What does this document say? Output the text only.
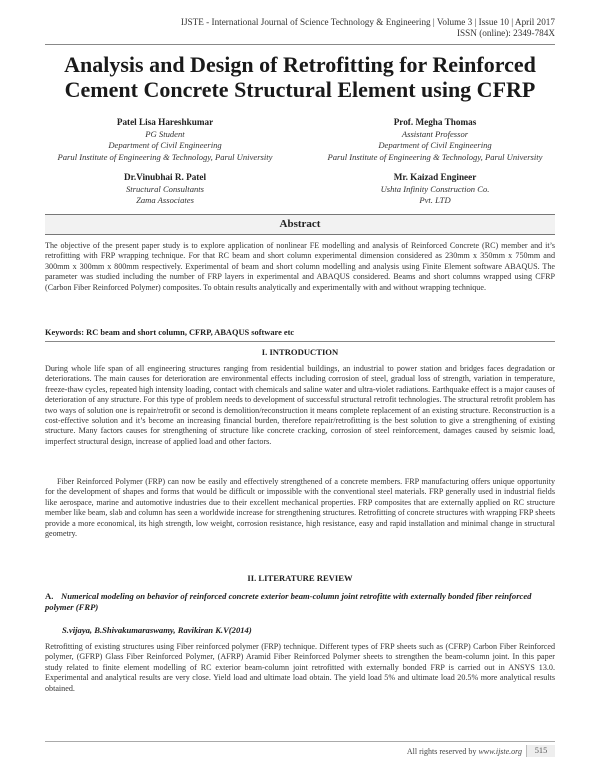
IJSTE - International Journal of Science Technology & Engineering | Volume 3 | Issue 10 | April 2017
ISSN (online): 2349-784X
Analysis and Design of Retrofitting for Reinforced
Cement Concrete Structural Element using CFRP
Patel Lisa Hareshkumar
PG Student
Department of Civil Engineering
Parul Institute of Engineering & Technology, Parul University
Prof. Megha Thomas
Assistant Professor
Department of Civil Engineering
Parul Institute of Engineering & Technology, Parul University
Dr.Vinubhai R. Patel
Structural Consultants
Zama Associates
Mr. Kaizad Engineer
Ushta Infinity Construction Co.
Pvt. LTD
Abstract
The objective of the present paper study is to explore application of nonlinear FE modelling and analysis of Reinforced Concrete (RC) member and it’s retrofitting with FRP wrapping technique. For that RC beam and short column experimental dimension considered as 230mm x 350mm x 750mm and 300mm x 300mm x 800mm respectively. Experimental of beam and short column modelling and analysis using Finite Element software ABAQUS. The parameter was studied including the number of FRP layers in experimental and ABAQUS considered. Beams and short columns wrapped using CFRP (Carbon Fiber Reinforced Polymer) composites. To obtain results analytically and experimentally with and without wrapping technique.
Keywords: RC beam and short column, CFRP, ABAQUS software etc
I. INTRODUCTION
During whole life span of all engineering structures ranging from residential buildings, an industrial to power station and bridges faces degradation or deteriorations. The main causes for deterioration are environmental effects including corrosion of steel, gradual loss of strength, variation in temperature, freeze-thaw cycles, repeated high intensity loading, contact with chemicals and saline water and ultra-violet radiations. Earthquake effect is a major causes of deterioration of any structure. For this type of problem needs to development of successful structural retrofit technologies. The structural retrofit problem has two ways of solution one is repair/retrofit or second is demolition/reconstruction it means complete replacement of an existing structure. Reconstruction is a cost-effective solution and it’s become an increasing financial burden, therefore repair/retrofitting is the best solution to give a strengthening of existing structure. Many factors causes for strengthening of structure like concrete cracking, corrosion of steel reinforcement, damages caused by seismic load, imperfect structural design, increase of applied load and other factors.
Fiber Reinforced Polymer (FRP) can now be easily and effectively strengthened of a concrete members. FRP manufacturing offers unique opportunity for the development of shapes and forms that would be difficult or impossible with the conventional steel materials. FRP generally used in industrial fields like aerospace, marine and automotive industries due to their excellent mechanical properties. FRP composites that are externally applied on RC structure member like beam, slab and column has seen a worldwide increase for strengthening structures. Retrofitting of concrete structures with wrapping FRP sheets provide a more economical, its high strength, low weight, corrosion resistance, high resistance, easy and rapid installation and minimal change in structural geometry.
II. LITERATURE REVIEW
A. Numerical modeling on behavior of reinforced concrete exterior beam-column joint retrofitte with externally bonded fiber reinforced polymer (FRP)
S.vijaya, B.Shivakumaraswamy, Ravikiran K.V(2014)
Retrofitting of existing structures using Fiber reinforced polymer (FRP) technique. Different types of FRP sheets such as (CFRP) Carbon Fiber Reinforced polymer, (GFRP) Glass Fiber Reinforced Polymer, (AFRP) Aramid Fiber Reinforced Polymer sheets to strengthen the beam-column joint. In this paper study related to finite element modelling of RC exterior beam-column joint retrofitted with externally bonded FRP is carried out in ANSYS 13.0. Experimental and analytical results are very close. Yield load and ultimate load obtain. The yield load 5% and ultimate load 20.5% more analytical results obtained.
All rights reserved by www.ijste.org	515
